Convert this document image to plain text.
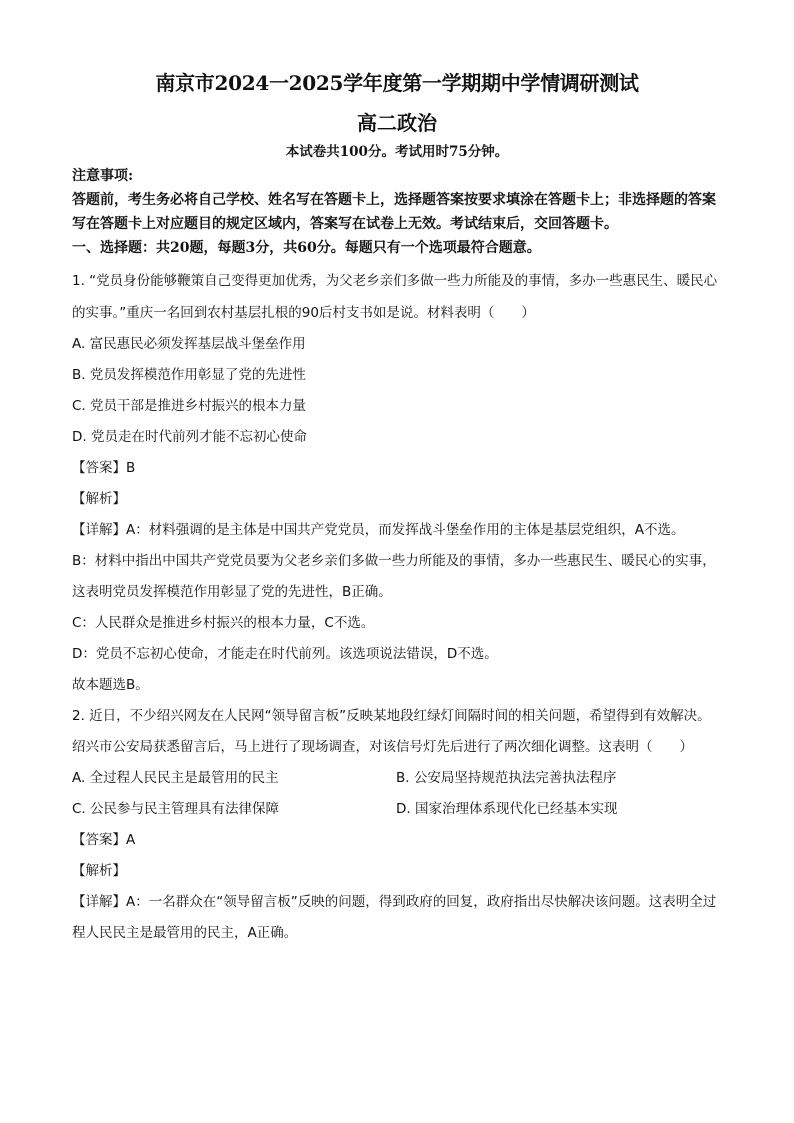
南京市2024一2025学年度第一学期期中学情调研测试
高二政治

本试卷共100分。考试用时75分钟。

注意事项:

答题前，考生务必将自己学校、姓名写在答题卡上，选择题答案按要求填涂在答题卡上；非选择题的答案写在答题卡上对应题目的规定区域内，答案写在试卷上无效。考试结束后，交回答题卡。

一、选择题：共20题，每题3分，共60分。每题只有一个选项最符合题意。

1. “党员身份能够鞭策自己变得更加优秀，为父老乡亲们多做一些力所能及的事情，多办一些惠民生、暖民心的实事。”重庆一名回到农村基层扎根的90后村支书如是说。材料表明（　　）

A. 富民惠民必须发挥基层战斗堡垒作用

B. 党员发挥模范作用彰显了党的先进性

C. 党员干部是推进乡村振兴的根本力量

D. 党员走在时代前列才能不忘初心使命

【答案】B

【解析】

【详解】A：材料强调的是主体是中国共产党党员，而发挥战斗堡垒作用的主体是基层党组织，A不选。

B：材料中指出中国共产党党员要为父老乡亲们多做一些力所能及的事情，多办一些惠民生、暖民心的实事，这表明党员发挥模范作用彰显了党的先进性，B正确。

C：人民群众是推进乡村振兴的根本力量，C不选。

D：党员不忘初心使命，才能走在时代前列。该选项说法错误，D不选。

故本题选B。

2. 近日，不少绍兴网友在人民网“领导留言板”反映某地段红绿灯间隔时间的相关问题，希望得到有效解决。绍兴市公安局获悉留言后，马上进行了现场调查，对该信号灯先后进行了两次细化调整。这表明（　　）

A. 全过程人民民主是最管用的民主	B. 公安局坚持规范执法完善执法程序
C. 公民参与民主管理具有法律保障	D. 国家治理体系现代化已经基本实现

【答案】A

【解析】

【详解】A：一名群众在“领导留言板”反映的问题，得到政府的回复，政府指出尽快解决该问题。这表明全过程人民民主是最管用的民主，A正确。
